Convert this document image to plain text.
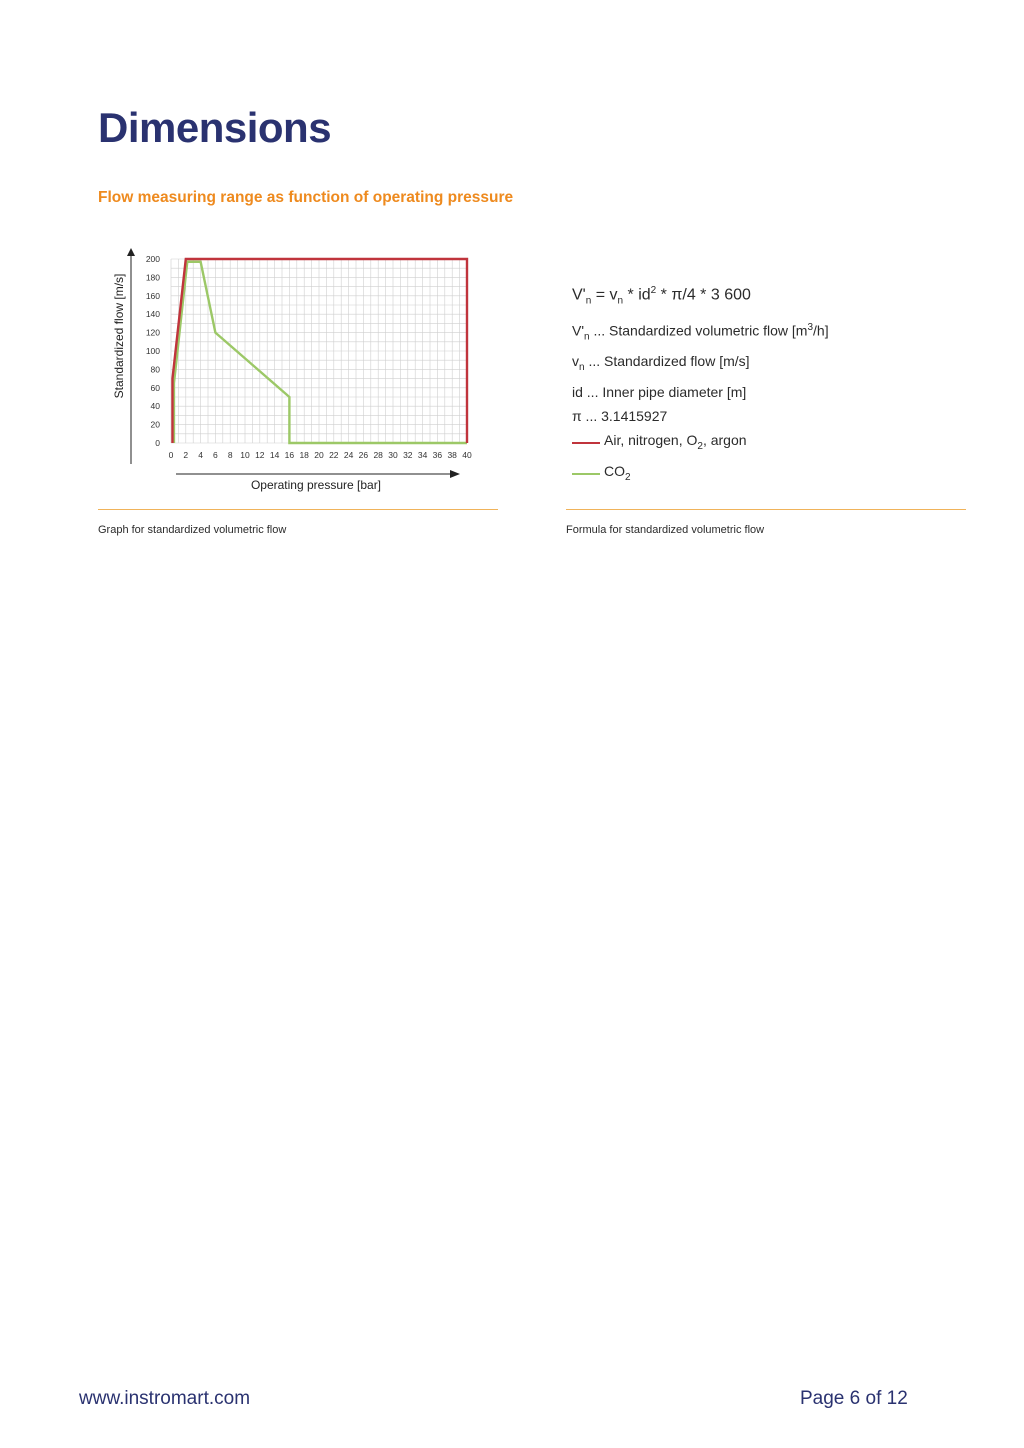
Dimensions
Flow measuring range as function of operating pressure
0 2 4 6 8 10 12 14 16 18 20 22 24 26 28 30 32 34 36 38 40
0
20
40
60
80
100
120
140
160
180
200
Standardized flow [m/s]
Operating pressure [bar]
$V'_n = v_n * id^2 * \pi/4 * 3$ 600
$V'_n$ ... Standardized volumetric flow $[m^3/h]$
$v_n$ ... Standardized flow [m/s]
id ... Inner pipe diameter [m]
π ... 3.1415927
Air, nitrogen, $O_2$, argon
$CO_2$
Graph for standardized volumetric flow	Formula for standardized volumetric flow
www.instromart.com	Page 6 of 12
